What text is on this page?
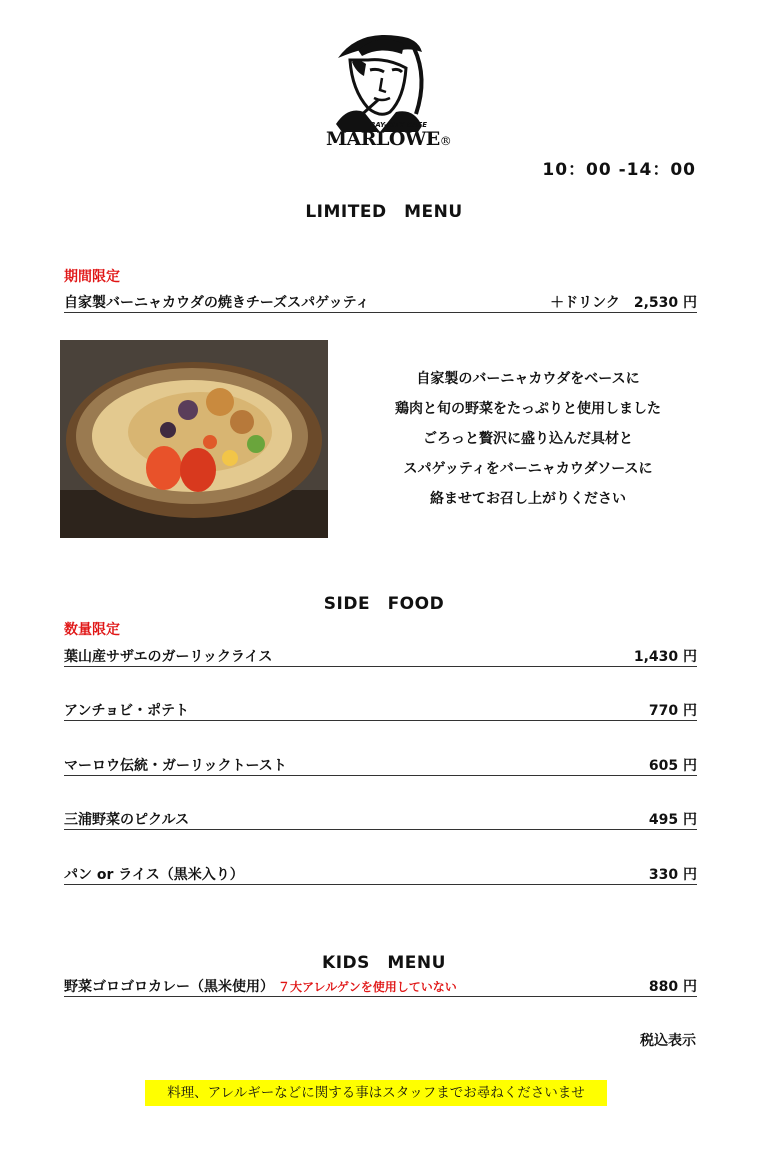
BAY-CITY CAFE
MARLOWE®
10：00 -14：00
LIMITED　MENU
期間限定
自家製バーニャカウダの焼きチーズスパゲッティ	＋ドリンク　2,530 円
自家製のバーニャカウダをベースに
鶏肉と旬の野菜をたっぷりと使用しました
ごろっと贅沢に盛り込んだ具材と
スパゲッティをバーニャカウダソースに
絡ませてお召し上がりください
SIDE　FOOD
数量限定
葉山産サザエのガーリックライス	1,430 円
アンチョビ・ポテト	770 円
マーロウ伝統・ガーリックトースト	605 円
三浦野菜のピクルス	495 円
パン or ライス（黒米入り）	330 円
KIDS　MENU
野菜ゴロゴロカレー（黒米使用） ７大アレルゲンを使用していない	880 円
税込表示
料理、アレルギーなどに関する事はスタッフまでお尋ねくださいませ
